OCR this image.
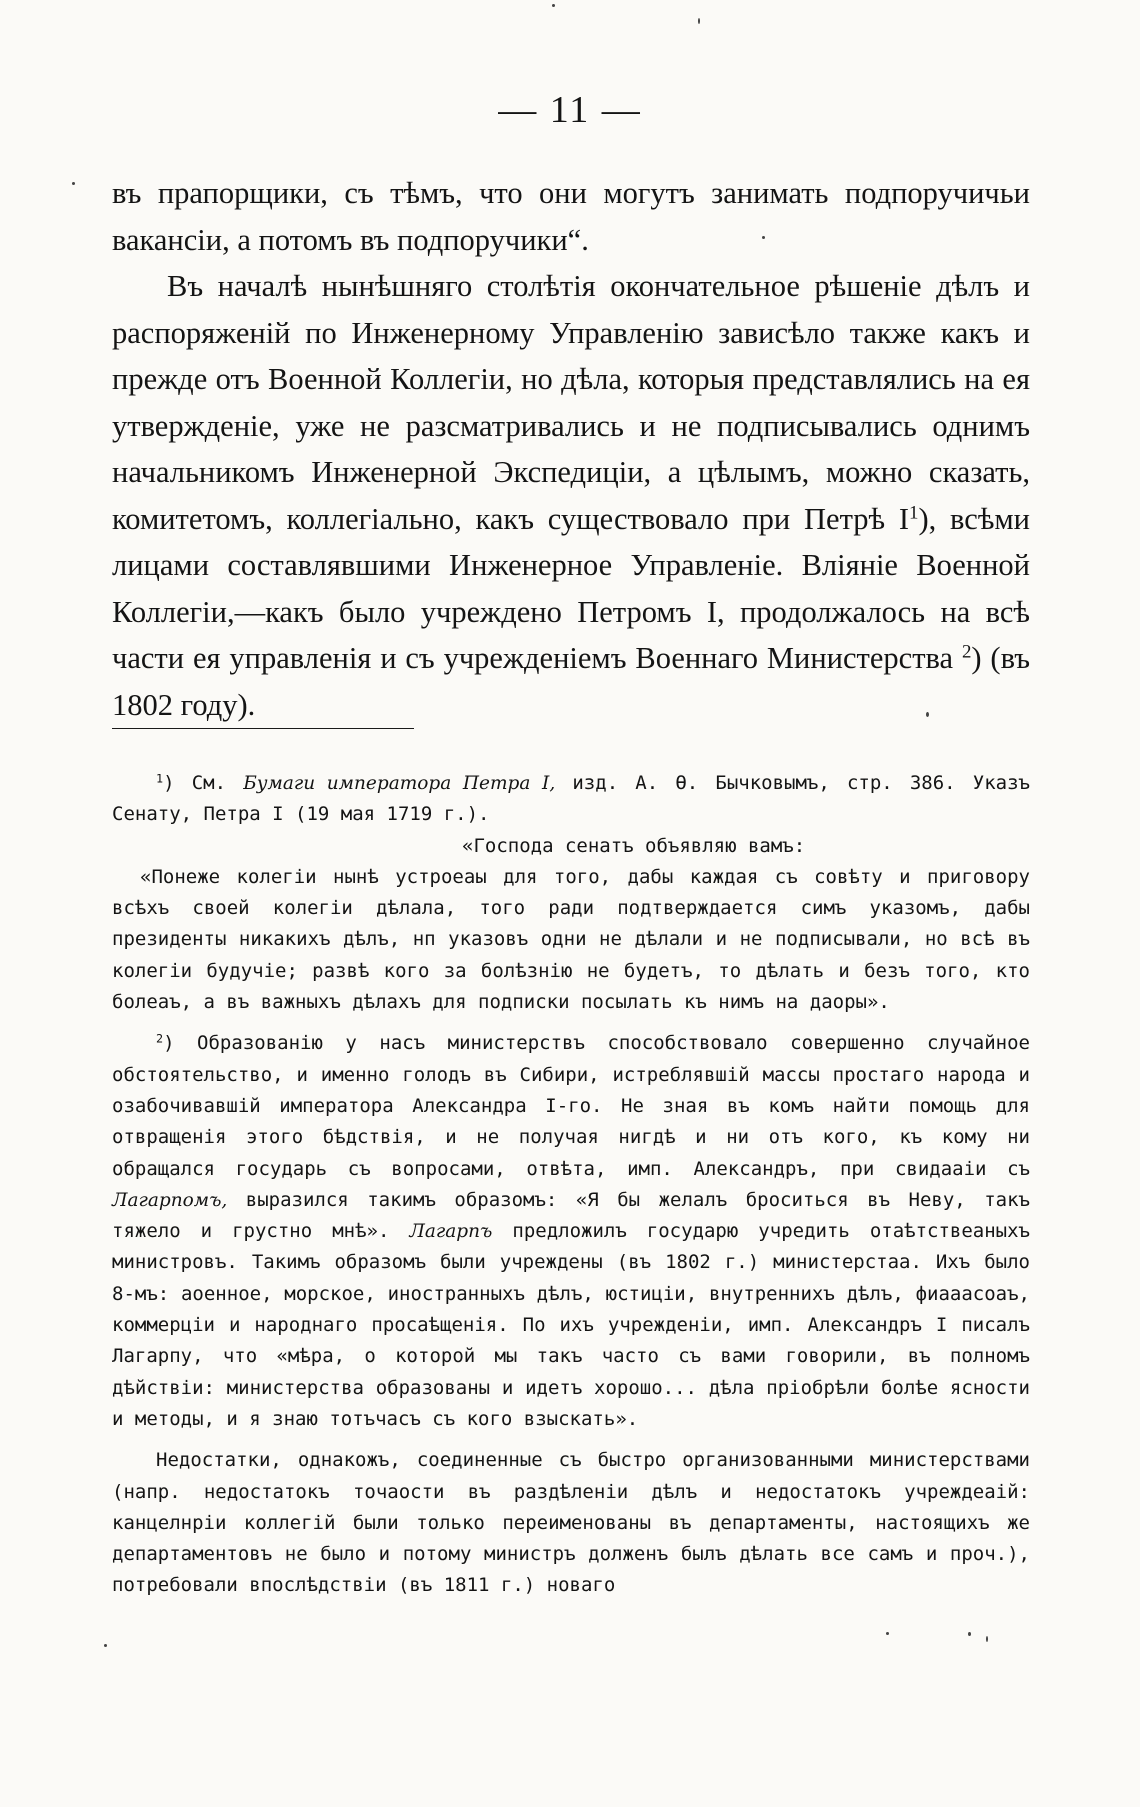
— 11 —

въ прапорщики, съ тѣмъ, что они могутъ занимать подпоручичьи вакансіи, а потомъ въ подпоручики“.

Въ началѣ нынѣшняго столѣтія окончательное рѣшеніе дѣлъ и распоряженій по Инженерному Управленію зависѣло также какъ и прежде отъ Военной Коллегіи, но дѣла, которыя представлялись на ея утвержденіе, уже не разсматривались и не подписывались однимъ начальникомъ Инженерной Экспедиціи, а цѣлымъ, можно сказать, комитетомъ, коллегіально, какъ существовало при Петрѣ $I^1$), всѣми лицами составлявшими Инженерное Управленіе. Вліяніе Военной Коллегіи,—какъ было учреждено Петромъ I, продолжалось на всѣ части ея управленія и съ учрежденіемъ Военнаго Министерства $^2$) (въ 1802 году).

$^1$) См. Бумаги императора Петра I, изд. А. Ѳ. Бычковымъ, стр. 386. Указъ Сенату, Петра I (19 мая 1719 г.).

«Господа сенатъ объявляю вамъ:

«Понеже колегіи нынѣ устроеаы для того, дабы каждая съ совѣту и приговору всѣхъ своей колегіи дѣлала, того ради подтверждается симъ указомъ, дабы президенты никакихъ дѣлъ, нп указовъ одни не дѣлали и не подписывали, но всѣ въ колегіи будучіе; развѣ кого за болѣзнію не будетъ, то дѣлать и безъ того, кто болеаъ, а въ важныхъ дѣлахъ для подписки посылать къ нимъ на даоры».

$^2$) Образованію у насъ министерствъ способствовало совершенно случайное обстоятельство, и именно голодъ въ Сибири, истреблявшій массы простаго народа и озабочивавшій императора Александра I-го. Не зная въ комъ найти помощь для отвращенія этого бѣдствія, и не получая нигдѣ и ни отъ кого, къ кому ни обращался государь съ вопросами, отвѣта, имп. Александръ, при свидааіи съ Лагарпомъ, выразился такимъ образомъ: «Я бы желалъ броситься въ Неву, такъ тяжело и грустно мнѣ». Лагарпъ предложилъ государю учредить отаѣтствеаныхъ министровъ. Такимъ образомъ были учреждены (въ 1802 г.) министерстаа. Ихъ было 8-мъ: аоенное, морское, иностранныхъ дѣлъ, юстиціи, внутреннихъ дѣлъ, фиааасоаъ, коммерціи и народнаго просаѣщенія. По ихъ учрежденіи, имп. Александръ I писалъ Лагарпу, что «мѣра, о которой мы такъ часто съ вами говорили, въ полномъ дѣйствіи: министерства образованы и идетъ хорошо... дѣла пріобрѣли болѣе ясности и методы, и я знаю тотъчасъ съ кого взыскать».

Недостатки, однакожъ, соединенные съ быстро организованными министерствами (напр. недостатокъ точаости въ раздѣленіи дѣлъ и недостатокъ учреждеаій: канцелнріи коллегій были только переименованы въ департаменты, настоящихъ же департаментовъ не было и потому министръ долженъ былъ дѣлать все самъ и проч.), потребовали впослѣдствіи (въ 1811 г.) новаго
